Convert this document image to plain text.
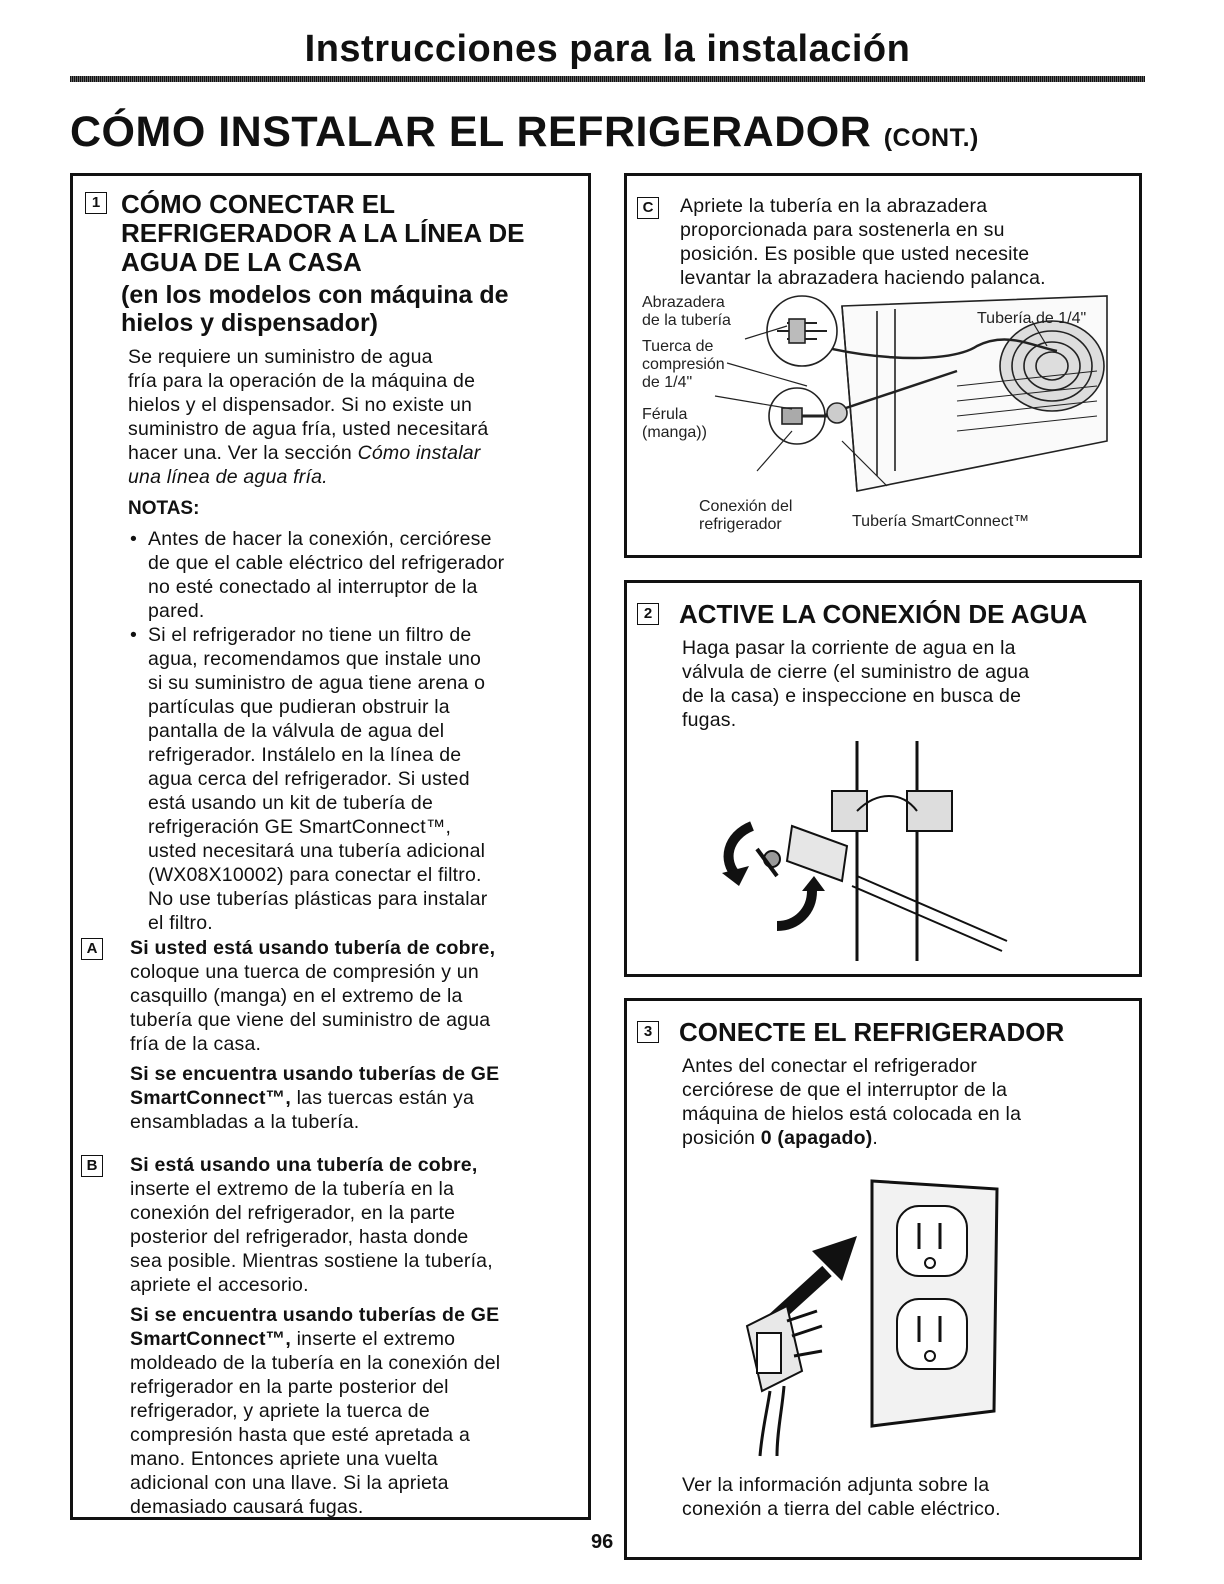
Instrucciones para la instalación
CÓMO INSTALAR EL REFRIGERADOR (CONT.)
1 CÓMO CONECTAR EL
REFRIGERADOR A LA LÍNEA DE
AGUA DE LA CASA
(en los modelos con máquina de
hielos y dispensador)
Se requiere un suministro de agua
fría para la operación de la máquina de
hielos y el dispensador. Si no existe un
suministro de agua fría, usted necesitará
hacer una. Ver la sección Cómo instalar
una línea de agua fría.
NOTAS:
• Antes de hacer la conexión, cerciórese
de que el cable eléctrico del refrigerador
no esté conectado al interruptor de la
pared.
• Si el refrigerador no tiene un filtro de
agua, recomendamos que instale uno
si su suministro de agua tiene arena o
partículas que pudieran obstruir la
pantalla de la válvula de agua del
refrigerador. Instálelo en la línea de
agua cerca del refrigerador. Si usted
está usando un kit de tubería de
refrigeración GE SmartConnect™,
usted necesitará una tubería adicional
(WX08X10002) para conectar el filtro.
No use tuberías plásticas para instalar
el filtro.
A Si usted está usando tubería de cobre,
coloque una tuerca de compresión y un
casquillo (manga) en el extremo de la
tubería que viene del suministro de agua
fría de la casa.
Si se encuentra usando tuberías de GE
SmartConnect™, las tuercas están ya
ensambladas a la tubería.
B Si está usando una tubería de cobre,
inserte el extremo de la tubería en la
conexión del refrigerador, en la parte
posterior del refrigerador, hasta donde
sea posible. Mientras sostiene la tubería,
apriete el accesorio.
Si se encuentra usando tuberías de GE
SmartConnect™, inserte el extremo
moldeado de la tubería en la conexión del
refrigerador en la parte posterior del
refrigerador, y apriete la tuerca de
compresión hasta que esté apretada a
mano. Entonces apriete una vuelta
adicional con una llave. Si la aprieta
demasiado causará fugas.
96
C Apriete la tubería en la abrazadera
proporcionada para sostenerla en su
posición. Es posible que usted necesite
levantar la abrazadera haciendo palanca.
Abrazadera
de la tubería
Tuerca de
compresión
de 1/4"
Férula
(manga))
Tubería de 1/4"
Conexión del
refrigerador	Tubería SmartConnect™
2 ACTIVE LA CONEXIÓN DE AGUA
Haga pasar la corriente de agua en la
válvula de cierre (el suministro de agua
de la casa) e inspeccione en busca de
fugas.
3 CONECTE EL REFRIGERADOR
Antes del conectar el refrigerador
cerciórese de que el interruptor de la
máquina de hielos está colocada en la
posición 0 (apagado).
Ver la información adjunta sobre la
conexión a tierra del cable eléctrico.
